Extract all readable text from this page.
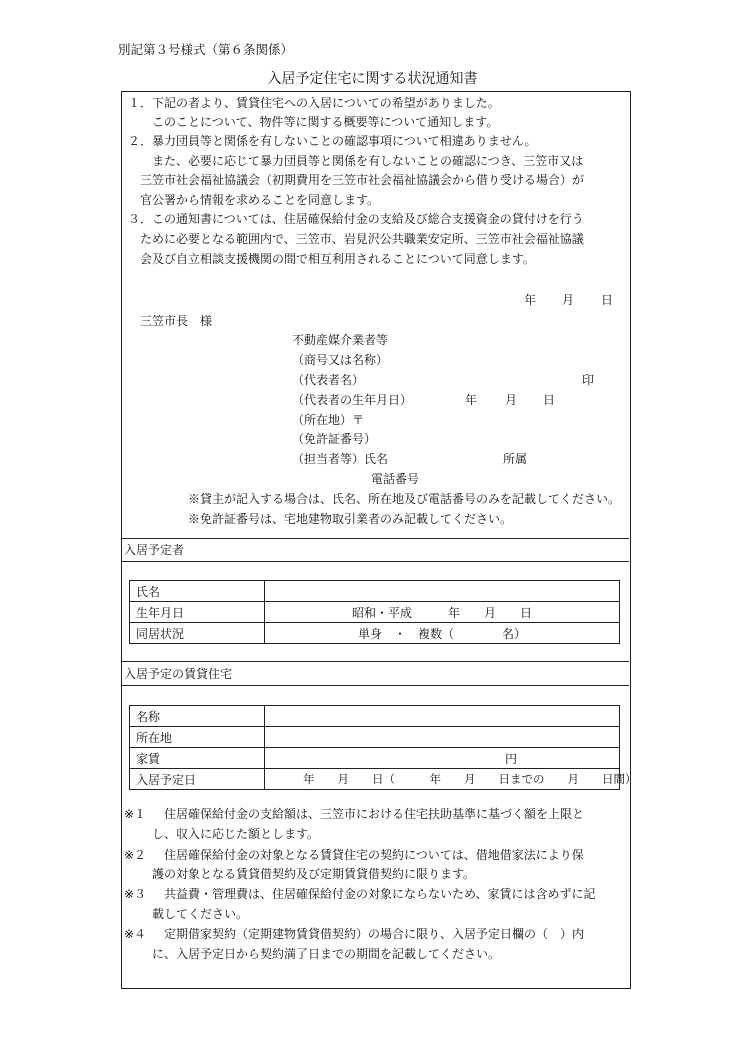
別記第３号様式（第６条関係）
入居予定住宅に関する状況通知書
１．下記の者より、賃貸住宅への入居についての希望がありました。
このことについて、物件等に関する概要等について通知します。
２．暴力団員等と関係を有しないことの確認事項について相違ありません。
また、必要に応じて暴力団員等と関係を有しないことの確認につき、三笠市又は
三笠市社会福祉協議会（初期費用を三笠市社会福祉協議会から借り受ける場合）が
官公署から情報を求めることを同意します。
３．この通知書については、住居確保給付金の支給及び総合支援資金の貸付けを行う
ために必要となる範囲内で、三笠市、岩見沢公共職業安定所、三笠市社会福祉協議
会及び自立相談支援機関の間で相互利用されることについて同意します。
年 月 日
三笠市長　様
不動産媒介業者等
（商号又は名称）
（代表者名）	印
（代表者の生年月日）	年 月 日
（所在地）〒
（免許証番号）
（担当者等）氏名	所属
電話番号
※貸主が記入する場合は、氏名、所在地及び電話番号のみを記載してください。
※免許証番号は、宅地建物取引業者のみ記載してください。
入居予定者
氏名	
生年月日	昭和・平成　　　年　　月　　日
同居状況	単身　・　複数（　　　　名）
入居予定の賃貸住宅
名称	
所在地	
家賃	円
入居予定日	年　　月　　日（　　　年　　月　　日までの　　月　　日間）
※１ 住居確保給付金の支給額は、三笠市における住宅扶助基準に基づく額を上限と
し、収入に応じた額とします。
※２ 住居確保給付金の対象となる賃貸住宅の契約については、借地借家法により保
護の対象となる賃貸借契約及び定期賃貸借契約に限ります。
※３ 共益費・管理費は、住居確保給付金の対象にならないため、家賃には含めずに記
載してください。
※４ 定期借家契約（定期建物賃貸借契約）の場合に限り、入居予定日欄の（　）内
に、入居予定日から契約満了日までの期間を記載してください。
